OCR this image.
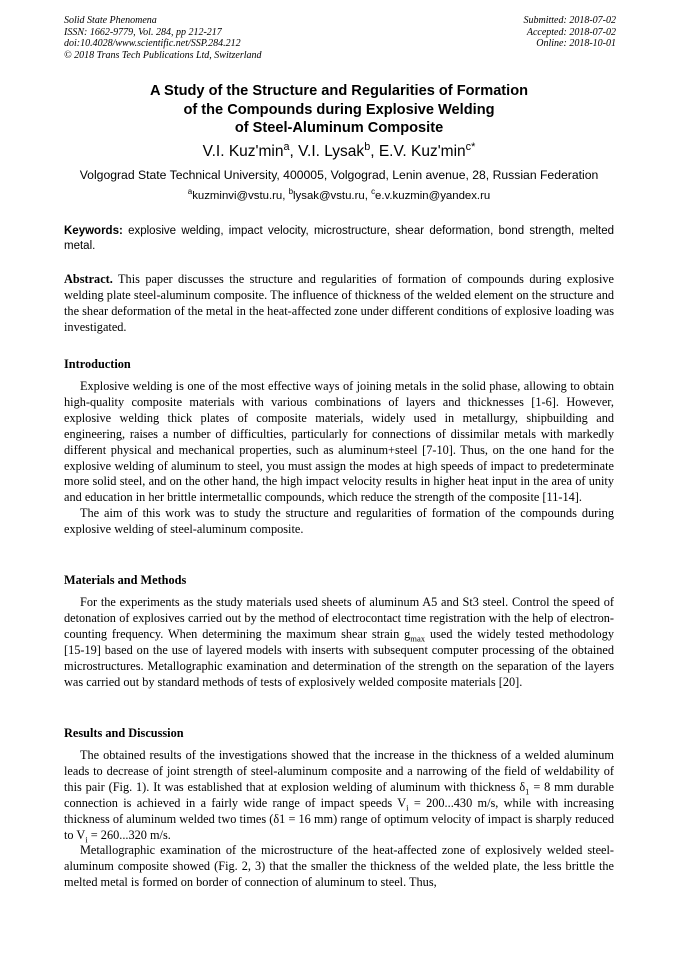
Solid State Phenomena
ISSN: 1662-9779, Vol. 284, pp 212-217
doi:10.4028/www.scientific.net/SSP.284.212
© 2018 Trans Tech Publications Ltd, Switzerland
Submitted: 2018-07-02
Accepted: 2018-07-02
Online: 2018-10-01
A Study of the Structure and Regularities of Formation
of the Compounds during Explosive Welding
of Steel-Aluminum Composite
V.I. $Kuz'\min^a$, V.I. Lysak$^b$, E.V. $Kuz'\min^{c*}$
Volgograd State Technical University, 400005, Volgograd, Lenin avenue, 28, Russian Federation
$^a$kuzminvi@vstu.ru, $^b$lysak@vstu.ru, $^c$e.v.kuzmin@yandex.ru
Keywords: explosive welding, impact velocity, microstructure, shear deformation, bond strength, melted metal.

Abstract. This paper discusses the structure and regularities of formation of compounds during explosive welding plate steel-aluminum composite. The influence of thickness of the welded element on the structure and the shear deformation of the metal in the heat-affected zone under different conditions of explosive loading was investigated.

Introduction

Explosive welding is one of the most effective ways of joining metals in the solid phase, allowing to obtain high-quality composite materials with various combinations of layers and thicknesses [1-6]. However, explosive welding thick plates of composite materials, widely used in metallurgy, shipbuilding and engineering, raises a number of difficulties, particularly for connections of dissimilar metals with markedly different physical and mechanical properties, such as aluminum+steel [7-10]. Thus, on the one hand for the explosive welding of aluminum to steel, you must assign the modes at high speeds of impact to predeterminate more solid steel, and on the other hand, the high impact velocity results in higher heat input in the area of unity and education in her brittle intermetallic compounds, which reduce the strength of the composite [11-14].

The aim of this work was to study the structure and regularities of formation of the compounds during explosive welding of steel-aluminum composite.

Materials and Methods

For the experiments as the study materials used sheets of aluminum A5 and St3 steel. Control the speed of detonation of explosives carried out by the method of electrocontact time registration with the help of electron-counting frequency. When determining the maximum shear strain $g_{max}$ used the widely tested methodology [15-19] based on the use of layered models with inserts with subsequent computer processing of the obtained microstructures. Metallographic examination and determination of the strength on the separation of the layers was carried out by standard methods of tests of explosively welded composite materials [20].

Results and Discussion

The obtained results of the investigations showed that the increase in the thickness of a welded aluminum leads to decrease of joint strength of steel-aluminum composite and a narrowing of the field of weldability of this pair (Fig. 1). It was established that at explosion welding of aluminum with thickness $\delta_1 = 8$ mm durable connection is achieved in a fairly wide range of impact speeds $V_i = 200...430$ m/s, while with increasing thickness of aluminum welded two times (δ1 = 16 mm) range of optimum velocity of impact is sharply reduced to $V_i = 260...320$ m/s.

Metallographic examination of the microstructure of the heat-affected zone of explosively welded steel-aluminum composite showed (Fig. 2, 3) that the smaller the thickness of the welded plate, the less brittle the melted metal is formed on border of connection of aluminum to steel. Thus,
